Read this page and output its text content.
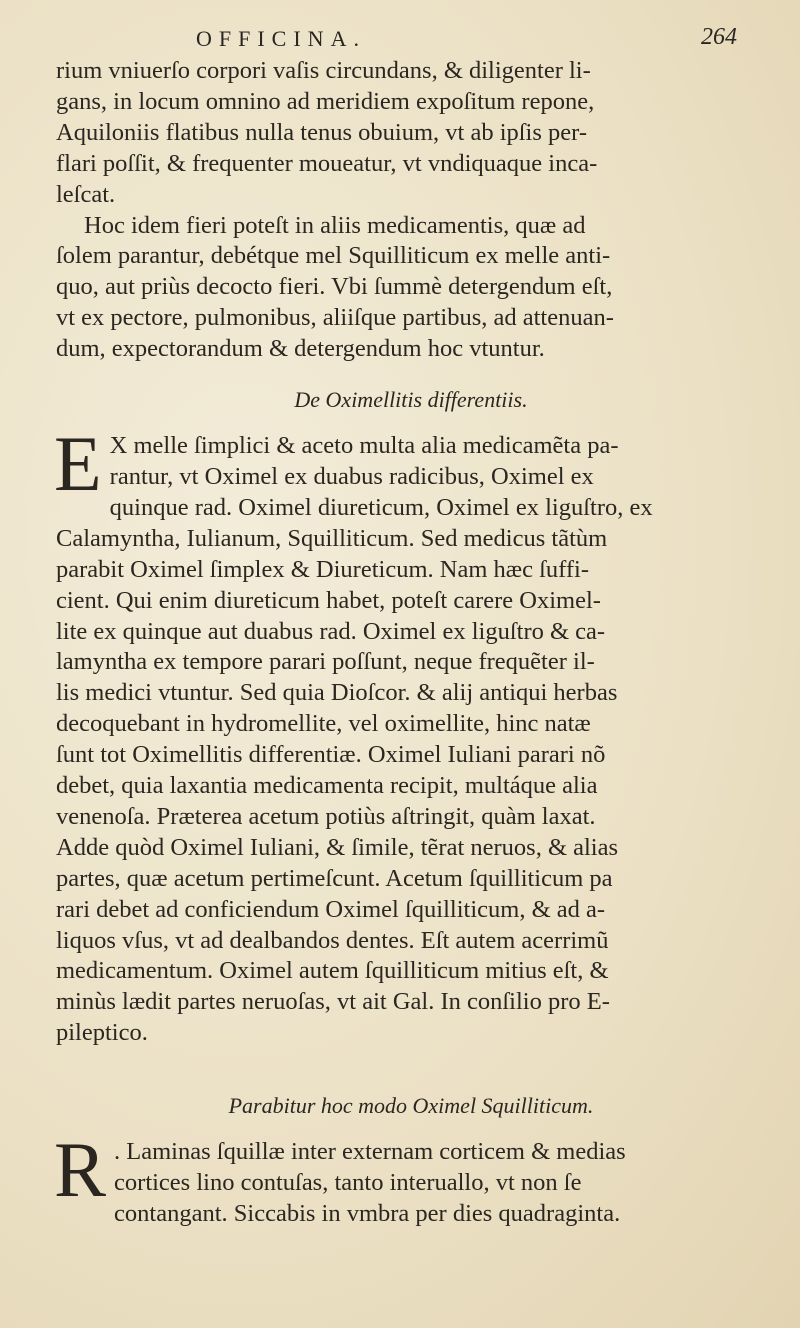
OFFICINA.	264

rium vniuerſo corpori vaſis circundans, & diligenter li-
gans, in locum omnino ad meridiem expoſitum repone,
Aquiloniis flatibus nulla tenus obuium, vt ab ipſis per-
flari poſſit, & frequenter moueatur, vt vndiquaque inca-
leſcat.

Hoc idem fieri poteſt in aliis medicamentis, quæ ad
ſolem parantur, debétque mel Squilliticum ex melle anti-
quo, aut priùs decocto fieri. Vbi ſummè detergendum eſt,
vt ex pectore, pulmonibus, aliiſque partibus, ad attenuan-
dum, expectorandum & detergendum hoc vtuntur.

De Oximellitis differentiis.
E X melle ſimplici & aceto multa alia medicamẽta pa-
rantur, vt Oximel ex duabus radicibus, Oximel ex
quinque rad. Oximel diureticum, Oximel ex liguſtro, ex
Calamyntha, Iulianum, Squilliticum. Sed medicus tãtùm
parabit Oximel ſimplex & Diureticum. Nam hæc ſuffi-
cient. Qui enim diureticum habet, poteſt carere Oximel-
lite ex quinque aut duabus rad. Oximel ex liguſtro & ca-
lamyntha ex tempore parari poſſunt, neque frequẽter il-
lis medici vtuntur. Sed quia Dioſcor. & alij antiqui herbas
decoquebant in hydromellite, vel oximellite, hinc natæ
ſunt tot Oximellitis differentiæ. Oximel Iuliani parari nõ
debet, quia laxantia medicamenta recipit, multáque alia
venenoſa. Præterea acetum potiùs aſtringit, quàm laxat.
Adde quòd Oximel Iuliani, & ſimile, tẽrat neruos, & alias
partes, quæ acetum pertimeſcunt. Acetum ſquilliticum pa
rari debet ad conficiendum Oximel ſquilliticum, & ad a-
liquos vſus, vt ad dealbandos dentes. Eſt autem acerrimũ
medicamentum. Oximel autem ſquilliticum mitius eſt, &
minùs lædit partes neruoſas, vt ait Gal. In conſilio pro E-
pileptico.

Parabitur hoc modo Oximel Squilliticum.
R . Laminas ſquillæ inter externam corticem & medias
cortices lino contuſas, tanto interuallo, vt non ſe
contangant. Siccabis in vmbra per dies quadraginta.
